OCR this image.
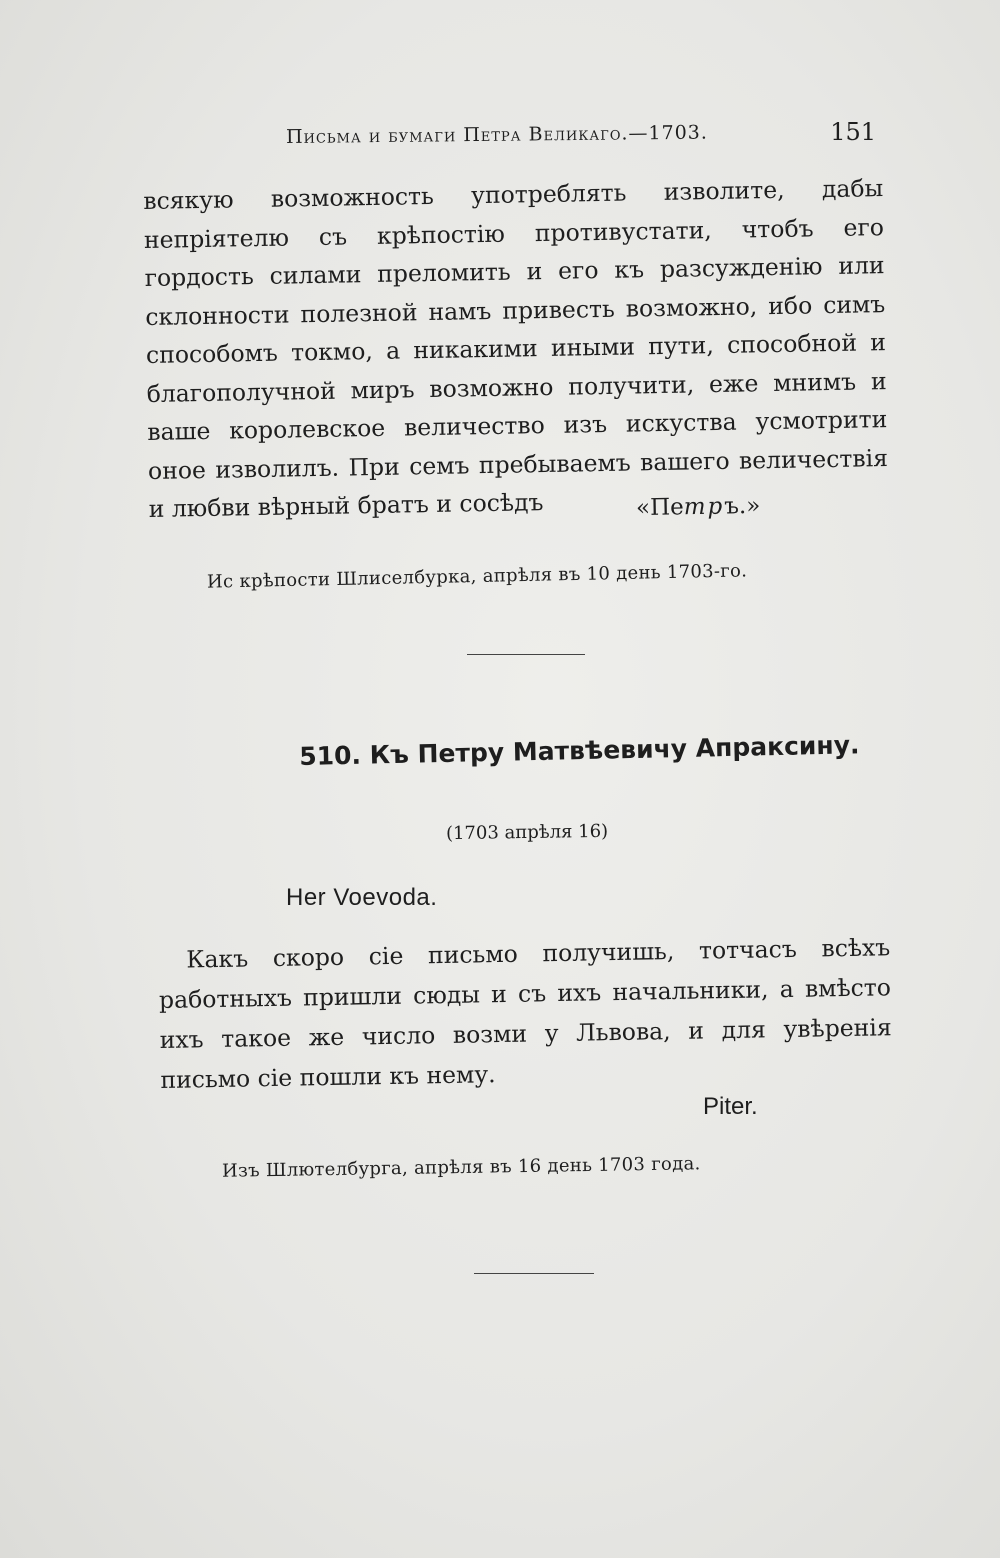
Письма и бумаги Петра Великаго.—1703.	151

всякую возможность употреблять изволите, дабы непріятелю съ крѣпостію противустати, чтобъ его гордость силами преломить и его къ разсужденію или склонности полезной намъ привесть возможно, ибо симъ способомъ токмо, а никакими иными пути, способной и благополучной миръ возможно получити, еже мнимъ и ваше королевское величество изъ искуства усмотрити оное изволилъ. При семъ пребываемъ вашего величествія и любви вѣрный братъ и сосѣдъ	«Петръ.»
Ис крѣпости Шлиселбурка, апрѣля въ 10 день 1703-го.
510. Къ Петру Матвѣевичу Апраксину.
(1703 апрѣля 16)
Her Voevoda.

Какъ скоро сіе письмо получишь, тотчасъ всѣхъ работныхъ пришли сюды и съ ихъ начальники, а вмѣсто ихъ такое же число возми у Львова, и для увѣренія письмо сіе пошли къ нему.

Piter.
Изъ Шлютелбурга, апрѣля въ 16 день 1703 года.
